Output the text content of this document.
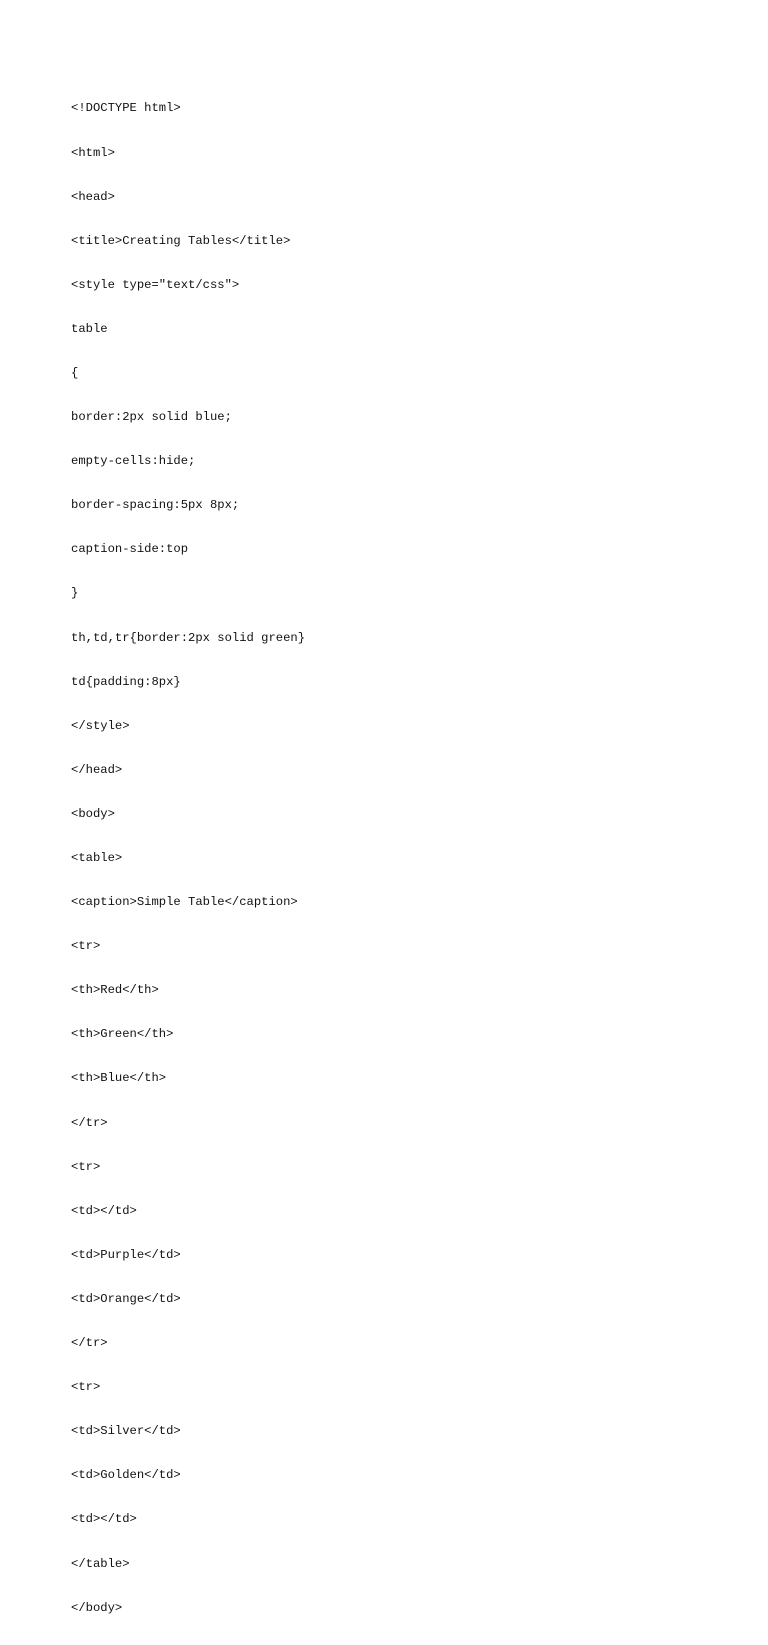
<!DOCTYPE html>

<html>

<head>

<title>Creating Tables</title>

<style type="text/css">

table

{

border:2px solid blue;

empty-cells:hide;

border-spacing:5px 8px;

caption-side:top

}

th,td,tr{border:2px solid green}

td{padding:8px}

</style>

</head>

<body>

<table>

<caption>Simple Table</caption>

<tr>

<th>Red</th>

<th>Green</th>

<th>Blue</th>

</tr>

<tr>

<td></td>

<td>Purple</td>

<td>Orange</td>

</tr>

<tr>

<td>Silver</td>

<td>Golden</td>

<td></td>

</table>

</body>
